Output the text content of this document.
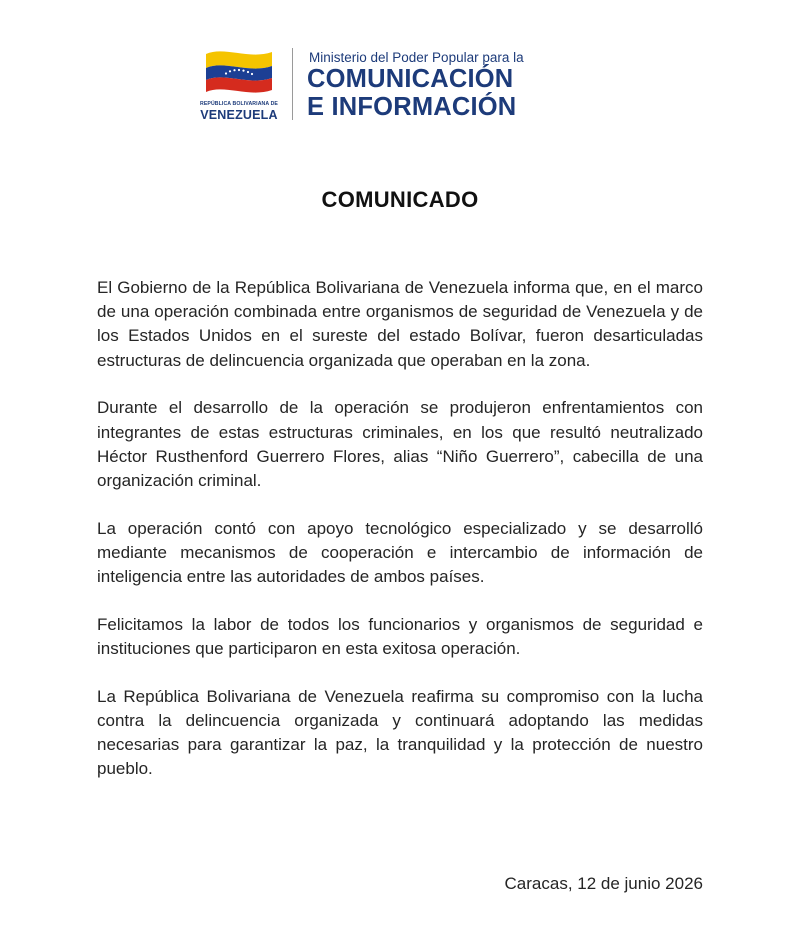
REPÚBLICA BOLIVARIANA DE
VENEZUELA
Ministerio del Poder Popular para la
COMUNICACIÓN
E INFORMACIÓN
COMUNICADO

El Gobierno de la República Bolivariana de Venezuela informa que, en el marco de una operación combinada entre organismos de seguridad de Venezuela y de los Estados Unidos en el sureste del estado Bolívar, fueron desarticuladas estructuras de delincuencia organizada que operaban en la zona.

Durante el desarrollo de la operación se produjeron enfrentamientos con integrantes de estas estructuras criminales, en los que resultó neutralizado Héctor Rusthenford Guerrero Flores, alias “Niño Guerrero”, cabecilla de una organización criminal.

La operación contó con apoyo tecnológico especializado y se desarrolló mediante mecanismos de cooperación e intercambio de información de inteligencia entre las autoridades de ambos países.

Felicitamos la labor de todos los funcionarios y organismos de seguridad e instituciones que participaron en esta exitosa operación.

La República Bolivariana de Venezuela reafirma su compromiso con la lucha contra la delincuencia organizada y continuará adoptando las medidas necesarias para garantizar la paz, la tranquilidad y la protección de nuestro pueblo.

Caracas, 12 de junio 2026
